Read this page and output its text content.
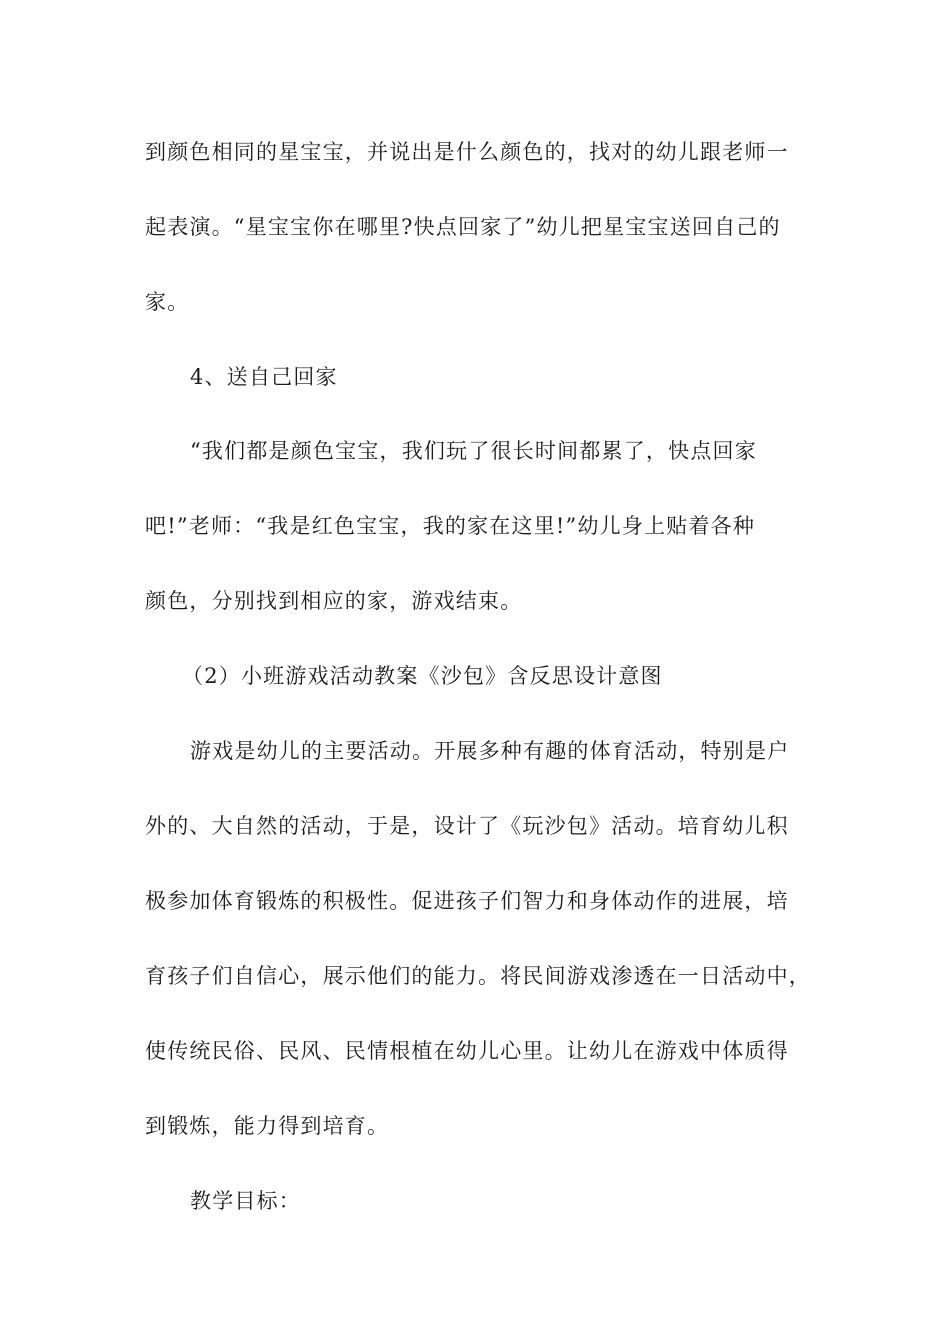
到颜色相同的星宝宝，并说出是什么颜色的，找对的幼儿跟老师一
起表演。“星宝宝你在哪里?快点回家了”幼儿把星宝宝送回自己的
家。
4、送自己回家
“我们都是颜色宝宝，我们玩了很长时间都累了，快点回家
吧!”老师：“我是红色宝宝，我的家在这里!”幼儿身上贴着各种
颜色，分别找到相应的家，游戏结束。
（2）小班游戏活动教案《沙包》含反思设计意图
游戏是幼儿的主要活动。开展多种有趣的体育活动，特别是户
外的、大自然的活动，于是，设计了《玩沙包》活动。培育幼儿积
极参加体育锻炼的积极性。促进孩子们智力和身体动作的进展，培
育孩子们自信心，展示他们的能力。将民间游戏渗透在一日活动中，
使传统民俗、民风、民情根植在幼儿心里。让幼儿在游戏中体质得
到锻炼，能力得到培育。
教学目标：
